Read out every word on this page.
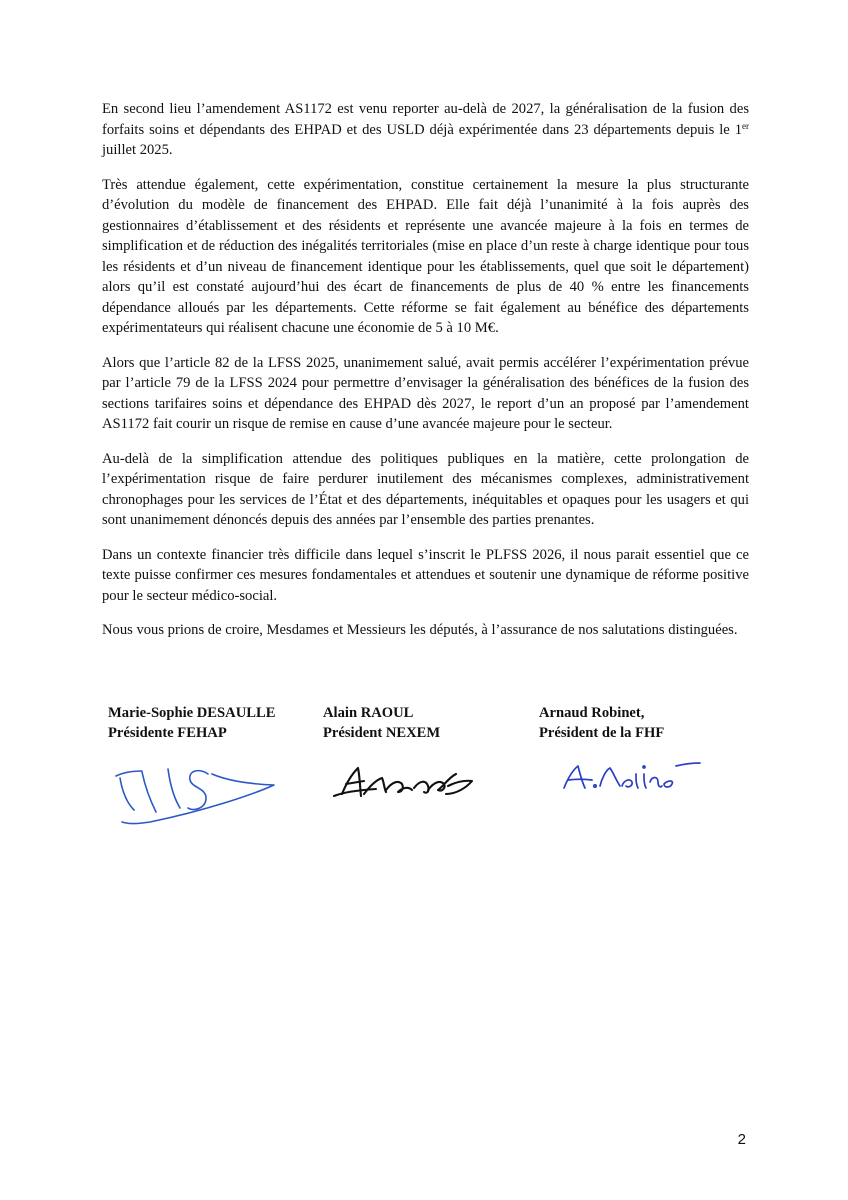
En second lieu l’amendement AS1172 est venu reporter au-delà de 2027, la généralisation de la fusion des forfaits soins et dépendants des EHPAD et des USLD déjà expérimentée dans 23 départements depuis le 1er juillet 2025.

Très attendue également, cette expérimentation, constitue certainement la mesure la plus structurante d’évolution du modèle de financement des EHPAD. Elle fait déjà l’unanimité à la fois auprès des gestionnaires d’établissement et des résidents et représente une avancée majeure à la fois en termes de simplification et de réduction des inégalités territoriales (mise en place d’un reste à charge identique pour tous les résidents et d’un niveau de financement identique pour les établissements, quel que soit le département) alors qu’il est constaté aujourd’hui des écart de financements de plus de 40 % entre les financements dépendance alloués par les départements. Cette réforme se fait également au bénéfice des départements expérimentateurs qui réalisent chacune une économie de 5 à 10 M€.

Alors que l’article 82 de la LFSS 2025, unanimement salué, avait permis accélérer l’expérimentation prévue par l’article 79 de la LFSS 2024 pour permettre d’envisager la généralisation des bénéfices de la fusion des sections tarifaires soins et dépendance des EHPAD dès 2027, le report d’un an proposé par l’amendement AS1172 fait courir un risque de remise en cause d’une avancée majeure pour le secteur.

Au-delà de la simplification attendue des politiques publiques en la matière, cette prolongation de l’expérimentation risque de faire perdurer inutilement des mécanismes complexes, administrativement chronophages pour les services de l’État et des départements, inéquitables et opaques pour les usagers et qui sont unanimement dénoncés depuis des années par l’ensemble des parties prenantes.

Dans un contexte financier très difficile dans lequel s’inscrit le PLFSS 2026, il nous parait essentiel que ce texte puisse confirmer ces mesures fondamentales et attendues et soutenir une dynamique de réforme positive pour le secteur médico-social.

Nous vous prions de croire, Mesdames et Messieurs les députés, à l’assurance de nos salutations distinguées.

Marie-Sophie DESAULLE
Présidente FEHAP
Alain RAOUL
Président NEXEM
Arnaud Robinet,
Président de la FHF
2
